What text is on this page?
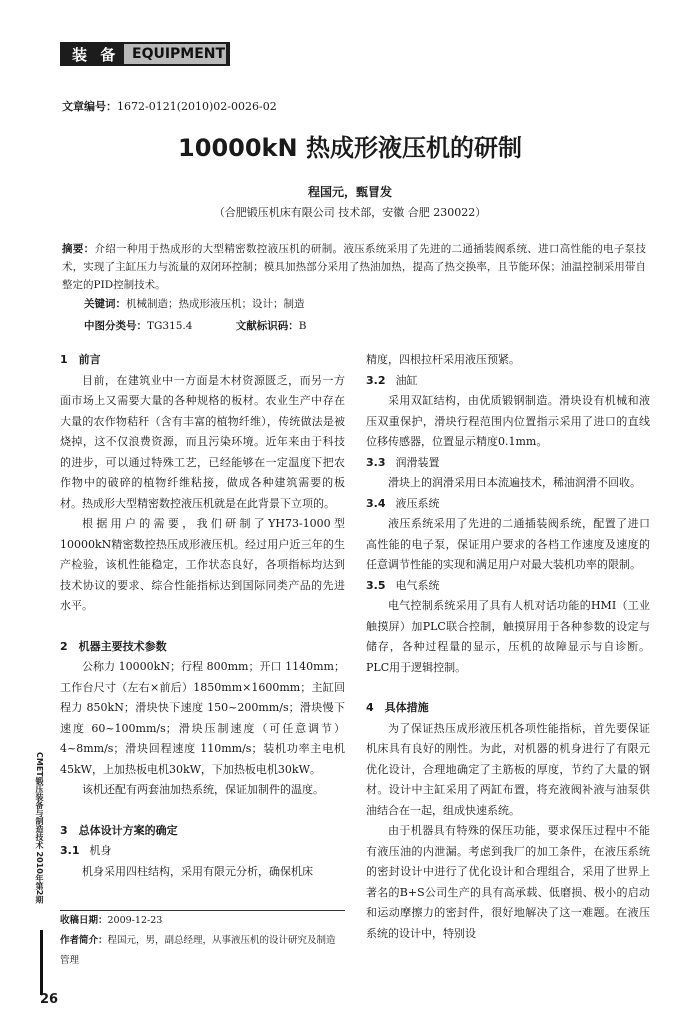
装 备 EQUIPMENT
文章编号：1672-0121(2010)02-0026-02
10000kN 热成形液压机的研制
程国元，甄冒发
（合肥锻压机床有限公司 技术部，安徽 合肥 230022）
摘要：介绍一种用于热成形的大型精密数控液压机的研制。液压系统采用了先进的二通插装阀系统、进口高性能的电子泵技术，实现了主缸压力与流量的双闭环控制；模具加热部分采用了热油加热，提高了热交换率，且节能环保；油温控制采用带自整定的PID控制技术。
关键词：机械制造；热成形液压机；设计；制造
中图分类号：TG315.4	文献标识码：B

1　前言

目前，在建筑业中一方面是木材资源匮乏，而另一方面市场上又需要大量的各种规格的板材。农业生产中存在大量的农作物秸秆（含有丰富的植物纤维），传统做法是被烧掉，这不仅浪费资源，而且污染环境。近年来由于科技的进步，可以通过特殊工艺，已经能够在一定温度下把农作物中的破碎的植物纤维粘接，做成各种建筑需要的板材。热成形大型精密数控液压机就是在此背景下立项的。

根据用户的需要，我们研制了YH73-1000型10000kN精密数控热压成形液压机。经过用户近三年的生产检验，该机性能稳定，工作状态良好，各项指标均达到技术协议的要求、综合性能指标达到国际同类产品的先进水平。

2　机器主要技术参数

公称力 10000kN；行程 800mm；开口 1140mm；工作台尺寸（左右×前后）1850mm×1600mm；主缸回程力 850kN；滑块快下速度 150~200mm/s；滑块慢下速度 60~100mm/s；滑块压制速度（可任意调节）4~8mm/s；滑块回程速度 110mm/s；装机功率主电机45kW，上加热板电机30kW，下加热板电机30kW。

该机还配有两套油加热系统，保证加制件的温度。

3　总体设计方案的确定

3.1 机身

机身采用四柱结构，采用有限元分析，确保机床

精度，四根拉杆采用液压预紧。

3.2 油缸

采用双缸结构，由优质锻钢制造。滑块设有机械和液压双重保护，滑块行程范围内位置指示采用了进口的直线位移传感器，位置显示精度0.1mm。

3.3 润滑装置

滑块上的润滑采用日本流遍技术，稀油润滑不回收。

3.4 液压系统

液压系统采用了先进的二通插装阀系统，配置了进口高性能的电子泵，保证用户要求的各档工作速度及速度的任意调节性能的实现和满足用户对最大装机功率的限制。

3.5 电气系统

电气控制系统采用了具有人机对话功能的HMI（工业触摸屏）加PLC联合控制，触摸屏用于各种参数的设定与储存，各种过程量的显示，压机的故障显示与自诊断。PLC用于逻辑控制。

4　具体措施

为了保证热压成形液压机各项性能指标，首先要保证机床具有良好的刚性。为此，对机器的机身进行了有限元优化设计，合理地确定了主筋板的厚度，节约了大量的钢材。设计中主缸采用了两缸布置，将充液阀补液与油泵供油结合在一起，组成快速系统。

由于机器具有特殊的保压功能，要求保压过程中不能有液压油的内泄漏。考虑到我厂的加工条件，在液压系统的密封设计中进行了优化设计和合理组合，采用了世界上著名的B+S公司生产的具有高承载、低磨损、极小的启动和运动摩擦力的密封件，很好地解决了这一难题。在液压系统的设计中，特别设

收稿日期：2009-12-23
作者简介：程国元，男，副总经理，从事液压机的设计研究及制造管理
CMET锻压装备与制造技术 2010年第2期
26
